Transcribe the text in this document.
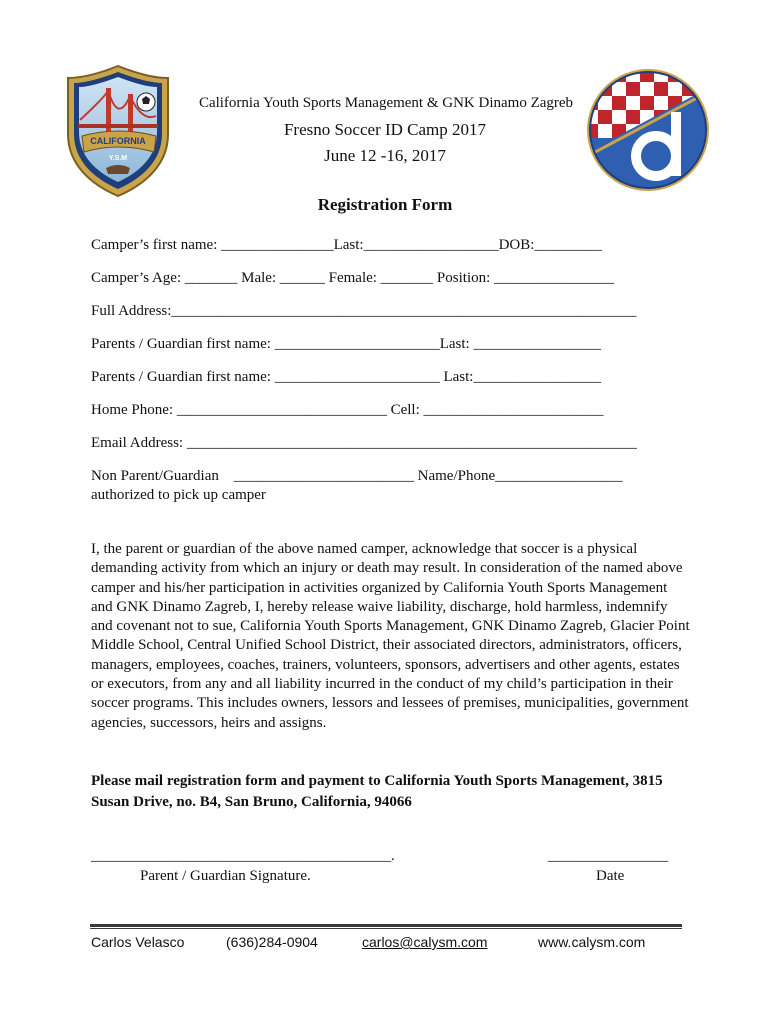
CALIFORNIA
Y.S.M
California Youth Sports Management & GNK Dinamo Zagreb
Fresno Soccer ID Camp 2017
June 12 -16, 2017
Registration Form
Camper’s first name: _______________Last:__________________DOB:_________
Camper’s Age: _______ Male: ______ Female: _______ Position: ________________
Full Address:______________________________________________________________
Parents / Guardian first name: ______________________Last: _________________
Parents / Guardian first name: ______________________ Last:_________________
Home Phone: ____________________________ Cell: ________________________
Email Address: ____________________________________________________________
Non Parent/Guardian    ________________________ Name/Phone_________________
authorized to pick up camper
I, the parent or guardian of the above named camper, acknowledge that soccer is a physical demanding activity from which an injury or death may result. In consideration of the named above camper and his/her participation in activities organized by California Youth Sports Management and GNK Dinamo Zagreb, I, hereby release waive liability, discharge, hold harmless, indemnify and covenant not to sue, California Youth Sports Management, GNK Dinamo Zagreb, Glacier Point Middle School, Central Unified School District, their associated directors, administrators, officers, managers, employees, coaches, trainers, volunteers, sponsors, advertisers and other agents, estates or executors, from any and all liability incurred in the conduct of my child’s participation in their soccer programs. This includes owners, lessors and lessees of premises, municipalities, government agencies, successors, heirs and assigns.
Please mail registration form and payment to California Youth Sports Management, 3815 Susan Drive, no. B4, San Bruno, California, 94066
________________________________________.	________________
Parent / Guardian Signature.	Date
Carlos Velasco	(636)284-0904	carlos@calysm.com	www.calysm.com
